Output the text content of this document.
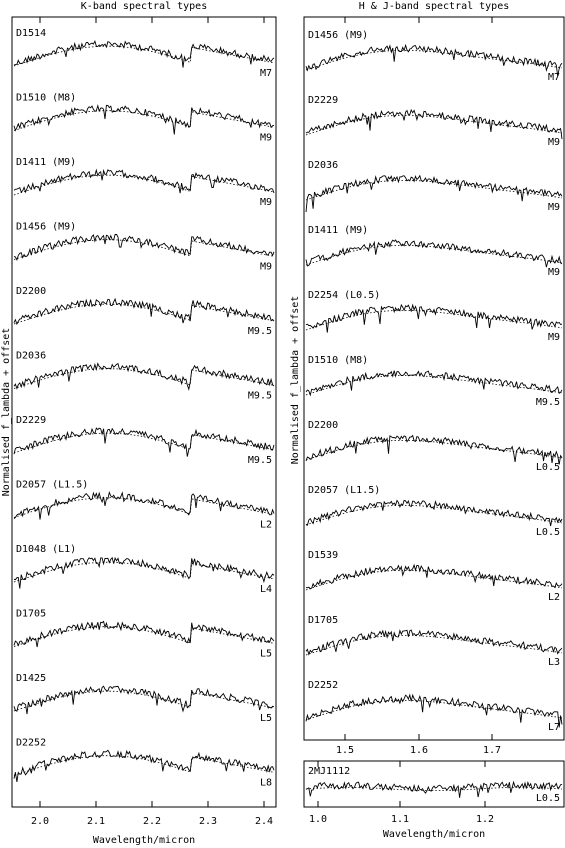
K-band spectral types	H & J-band spectral types
Normalised f_lambda + offset	Normalised f_lambda + offset
Wavelength/micron
Wavelength/micron
2.0	2.1	2.2	2.3	2.4
1.5	1.6	1.7
1.0	1.1	1.2
D1514
M7
D1510 (M8)
M9
D1411 (M9)
M9
D1456 (M9)
M9
D2200
M9.5
D2036
M9.5
D2229
M9.5
D2057 (L1.5)
L2
D1048 (L1)
L4
D1705
L5
D1425
L5
D2252
L8
D1456 (M9)
M7
D2229
M9
D2036
M9
D1411 (M9)
M9
D2254 (L0.5)
M9
D1510 (M8)
M9.5
D2200
L0.5
D2057 (L1.5)
L0.5
D1539
L2
D1705
L3
D2252
L7
2MJ1112
L0.5
